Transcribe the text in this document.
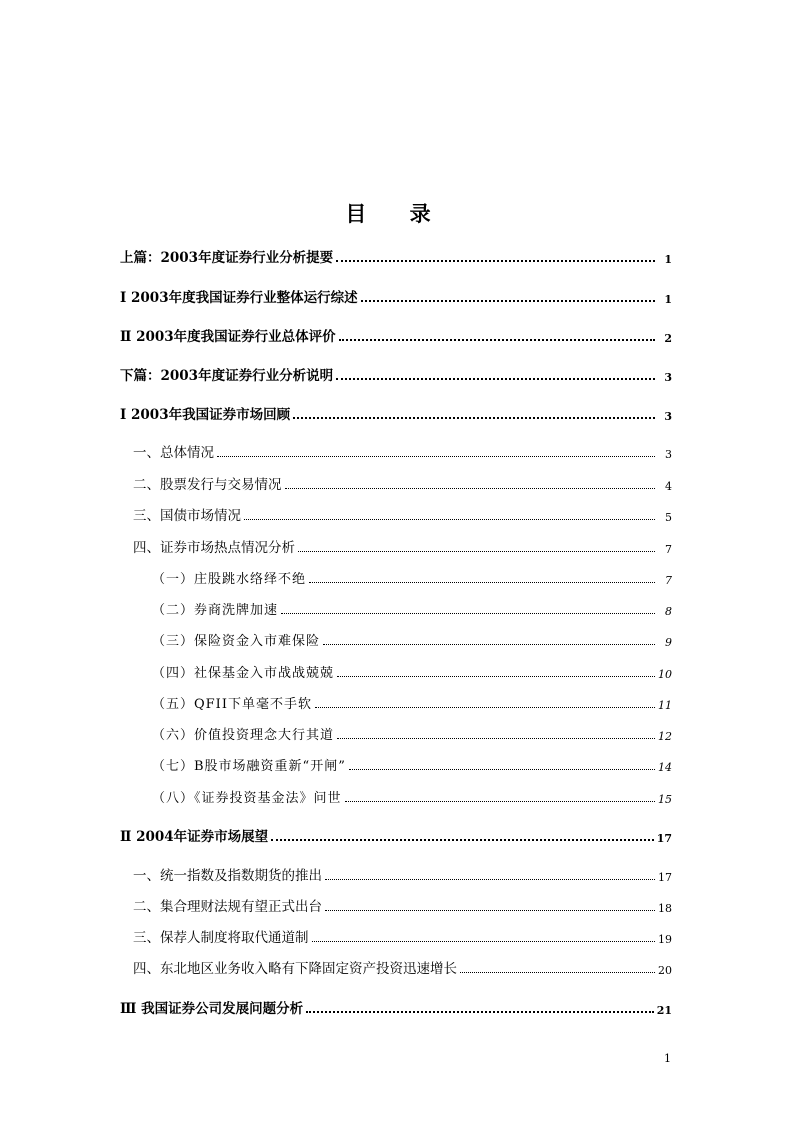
目 录
上篇：2003年度证券行业分析提要	1
Ⅰ 2003年度我国证券行业整体运行综述	1
Ⅱ 2003年度我国证券行业总体评价	2
下篇：2003年度证券行业分析说明	3
Ⅰ 2003年我国证券市场回顾	3
一、总体情况	3
二、股票发行与交易情况	4
三、国债市场情况	5
四、证券市场热点情况分析	7
（一）庄股跳水络绎不绝	7
（二）券商洗牌加速	8
（三）保险资金入市难保险	9
（四）社保基金入市战战兢兢	10
（五）QFII下单毫不手软	11
（六）价值投资理念大行其道	12
（七）B股市场融资重新“开闸”	14
（八）《证券投资基金法》问世	15
Ⅱ 2004年证券市场展望	17
一、统一指数及指数期货的推出	17
二、集合理财法规有望正式出台	18
三、保荐人制度将取代通道制	19
四、东北地区业务收入略有下降固定资产投资迅速增长	20
Ⅲ 我国证券公司发展问题分析	21
1
